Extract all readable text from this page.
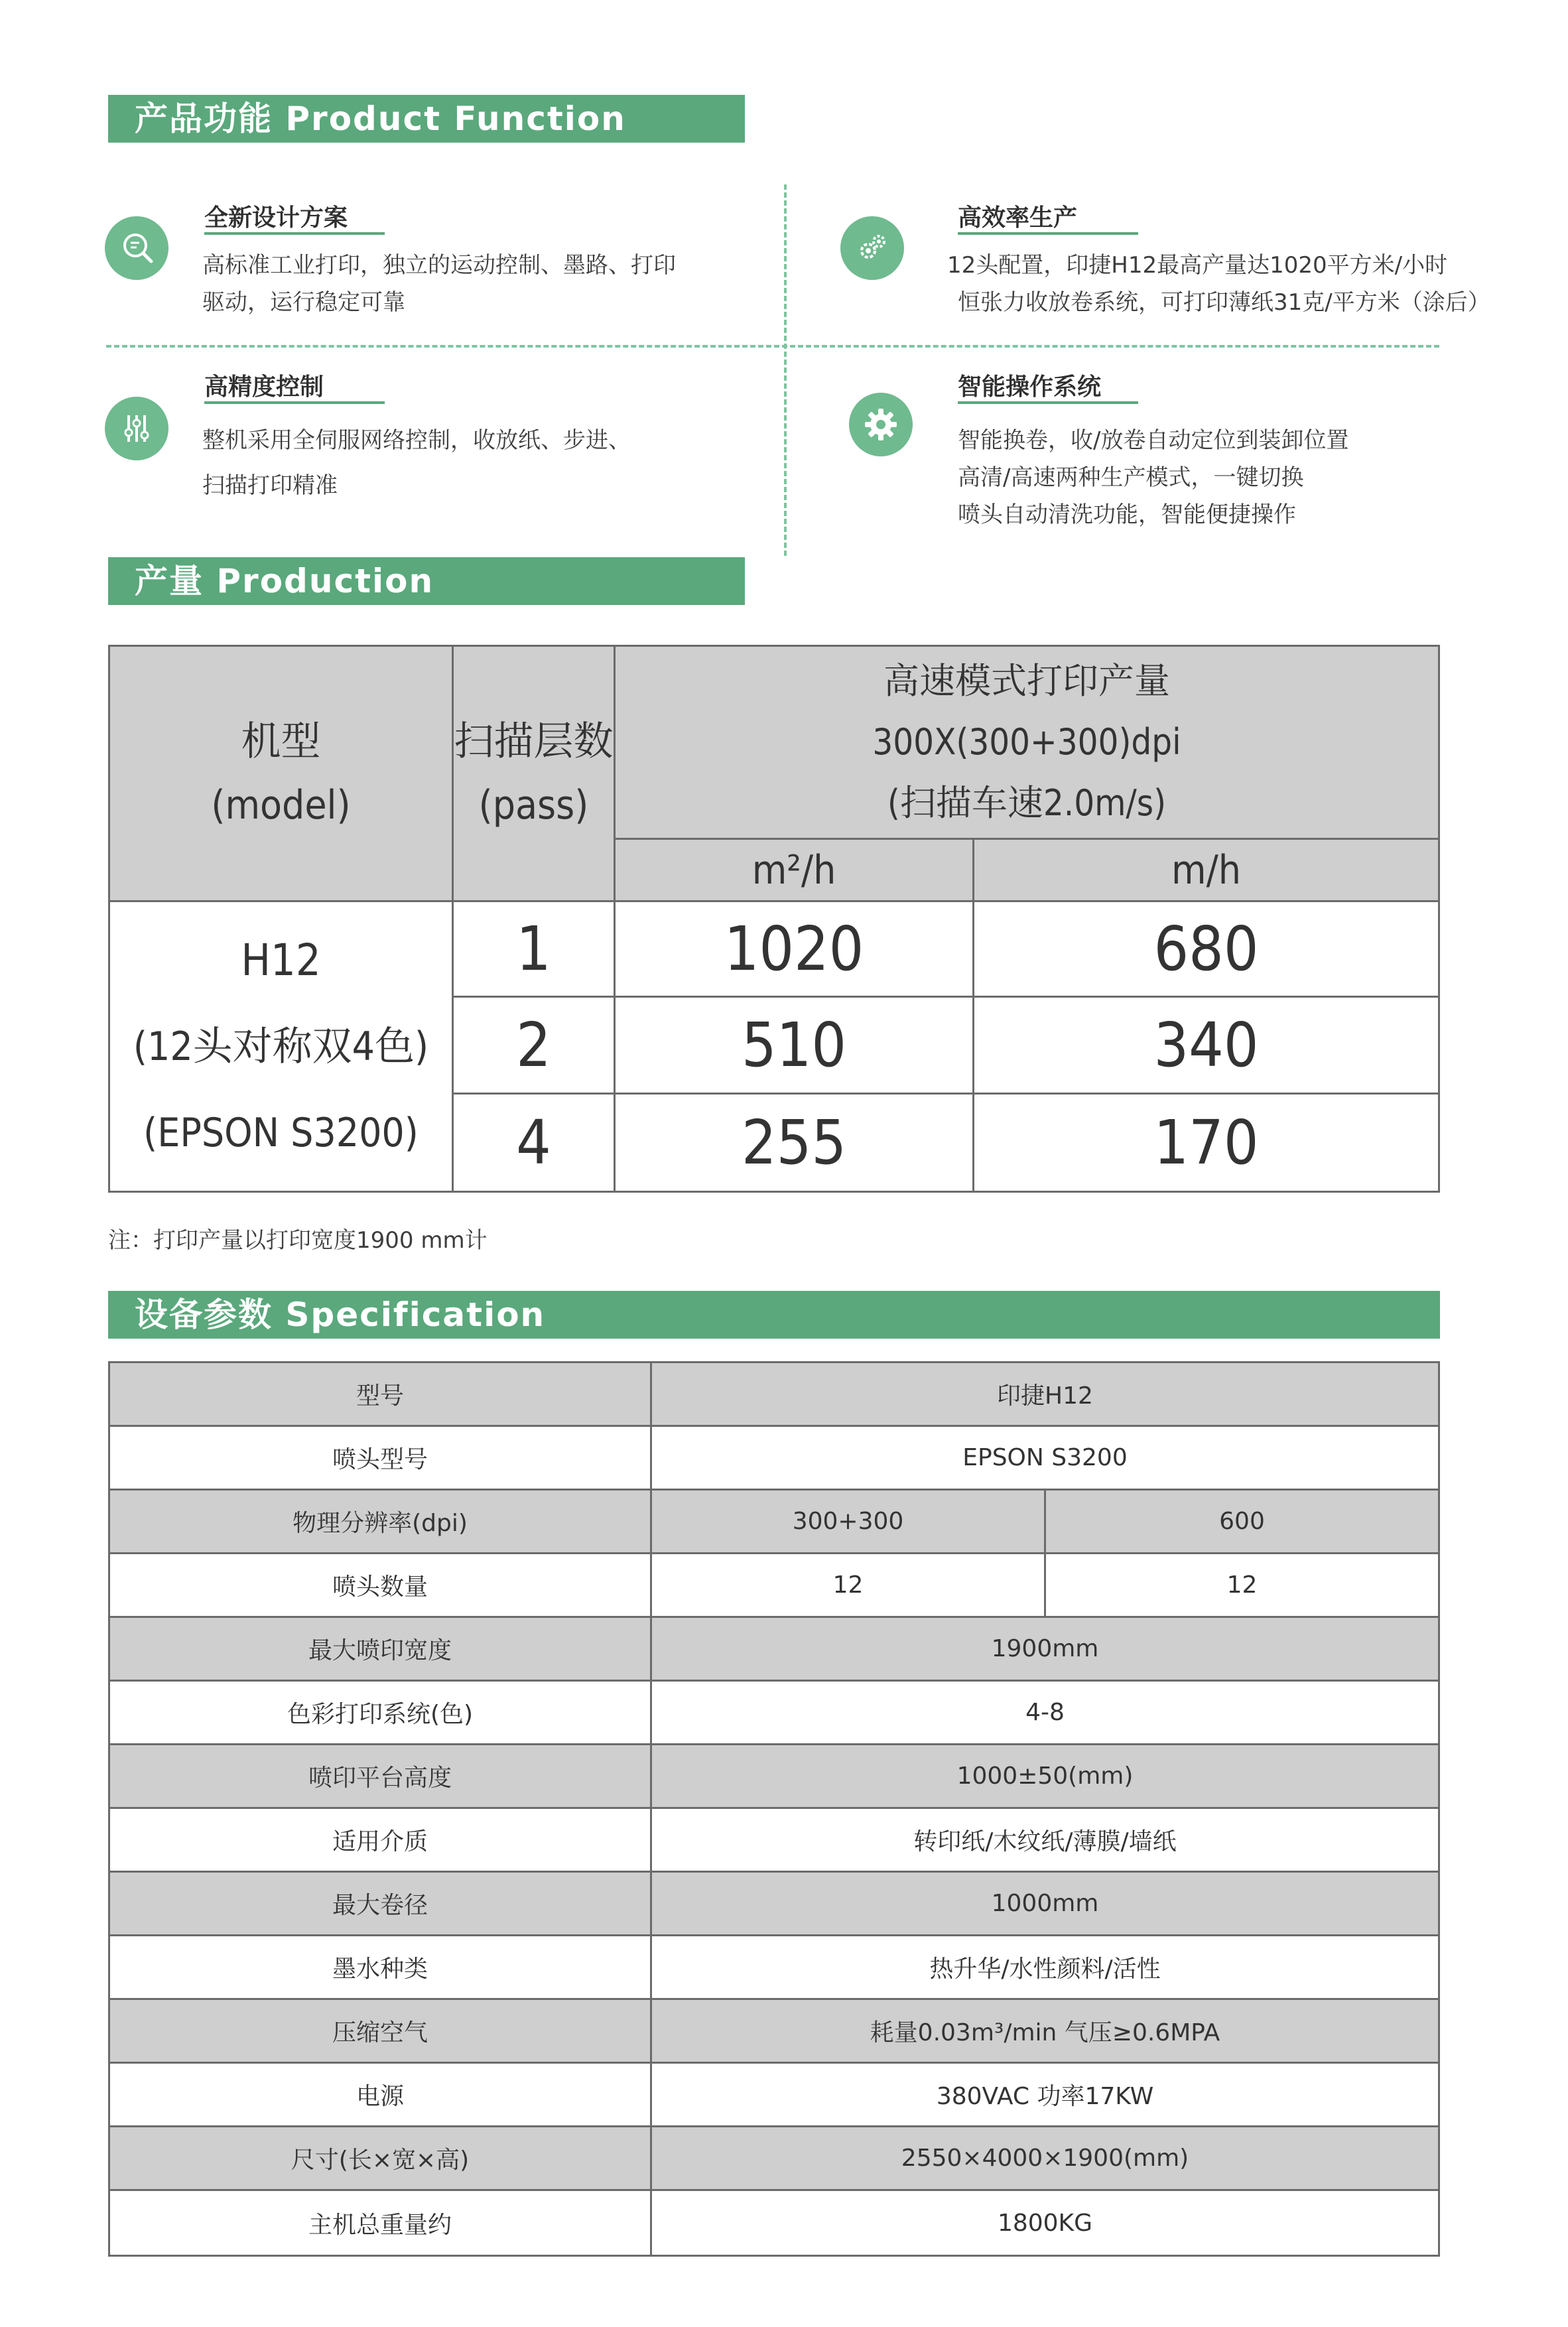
产品功能 Product Function
全新设计方案
高标准工业打印，独立的运动控制、墨路、打印
驱动，运行稳定可靠
高效率生产
12头配置，印捷H12最高产量达1020平方米/小时
恒张力收放卷系统，可打印薄纸31克/平方米（涂后）
高精度控制
整机采用全伺服网络控制，收放纸、步进、
扫描打印精准
智能操作系统
智能换卷，收/放卷自动定位到装卸位置
高清/高速两种生产模式，一键切换
喷头自动清洗功能，智能便捷操作
产量 Production
机型
(model)
扫描层数
(pass)
高速模式打印产量
300X(300+300)dpi
(扫描车速2.0m/s)
m²/h	m/h
H12
(12头对称双4色)
(EPSON S3200)
1	1020	680
2	510	340
4	255	170
注：打印产量以打印宽度1900 mm计
设备参数 Specification
型号	印捷H12
喷头型号	EPSON S3200
物理分辨率(dpi)	300+300	600
喷头数量	12	12
最大喷印宽度	1900mm
色彩打印系统(色)	4-8
喷印平台高度	1000±50(mm)
适用介质	转印纸/木纹纸/薄膜/墙纸
最大卷径	1000mm
墨水种类	热升华/水性颜料/活性
压缩空气	耗量0.03m³/min 气压≥0.6MPA
电源	380VAC 功率17KW
尺寸(长×宽×高)	2550×4000×1900(mm)
主机总重量约	1800KG
